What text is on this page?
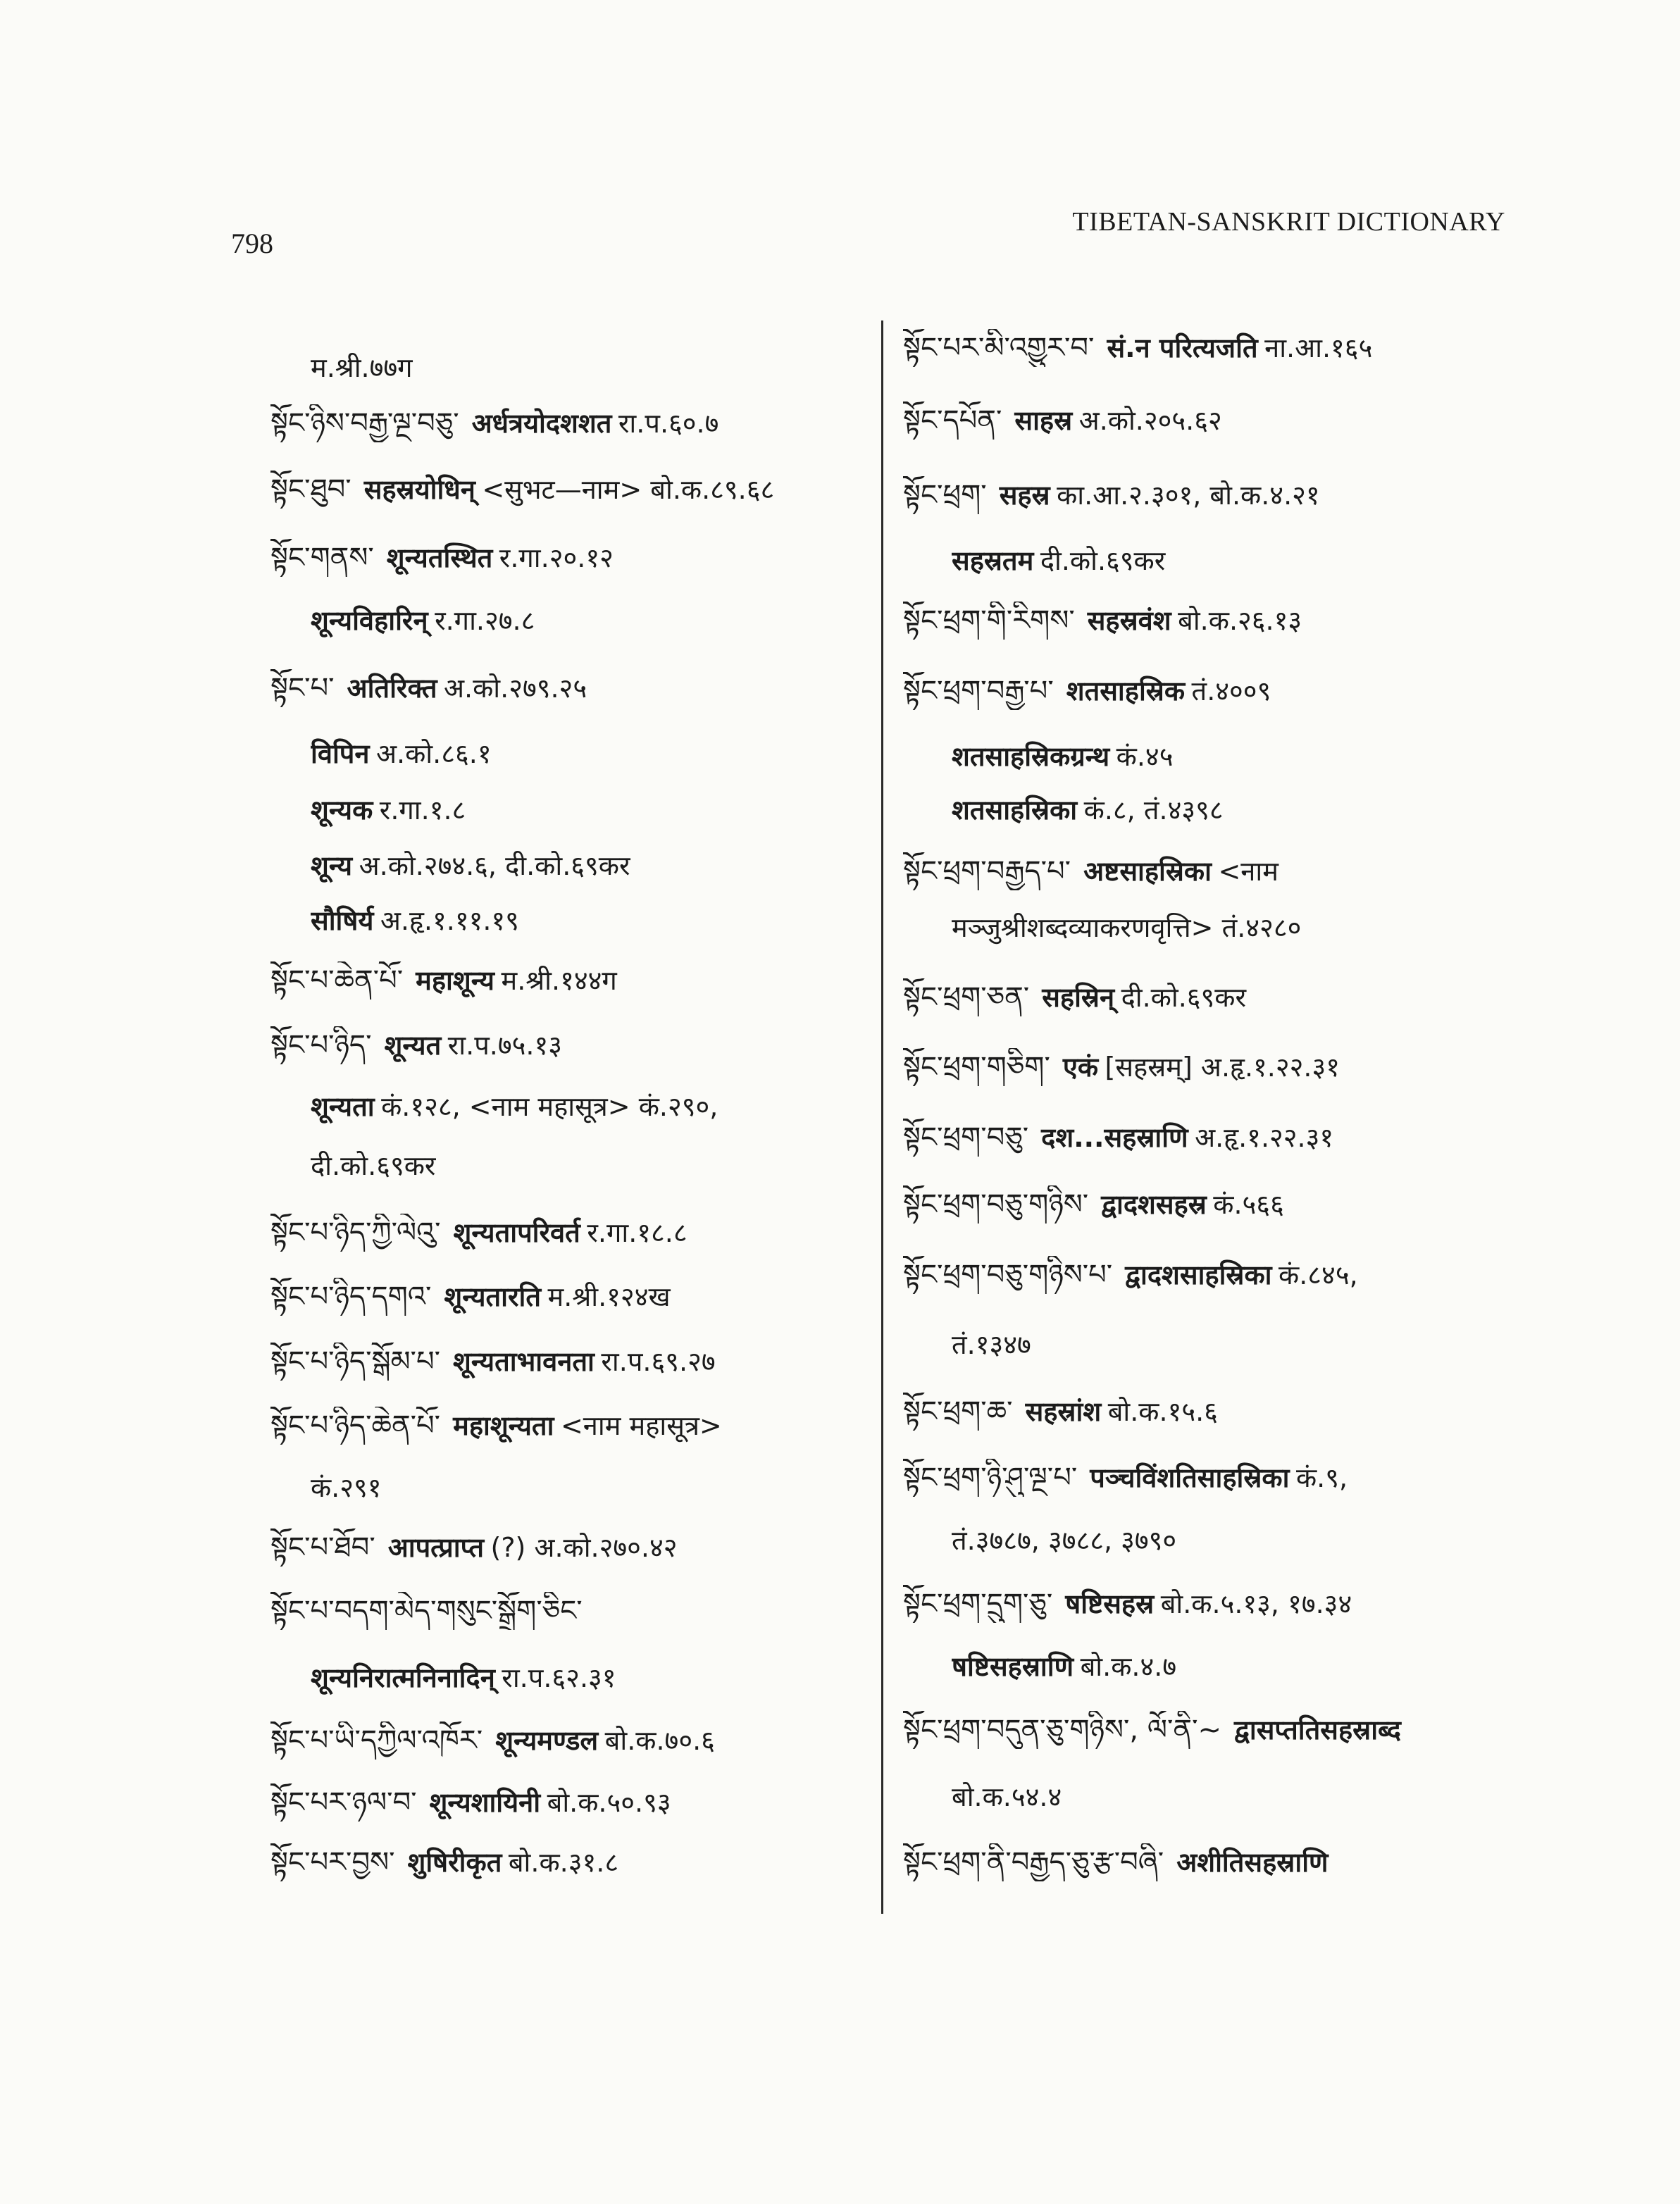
798
TIBETAN-SANSKRIT DICTIONARY
म.श्री.७७ग
སྟོང་ཉིས་བརྒྱ་ལྔ་བཅུ་ अर्धत्रयोदशशत रा.प.६०.७
སྟོང་ཐུབ་ सहस्रयोधिन् <सुभट—नाम> बो.क.८९.६८
སྟོང་གནས་ शून्यतस्थित र.गा.२०.१२
शून्यविहारिन् र.गा.२७.८
སྟོང་པ་ अतिरिक्त अ.को.२७९.२५
विपिन अ.को.८६.१
शून्यक र.गा.१.८
शून्य अ.को.२७४.६, दी.को.६९कर
सौषिर्य अ.हृ.१.११.१९
སྟོང་པ་ཆེན་པོ་ महाशून्य म.श्री.१४४ग
སྟོང་པ་ཉིད་ शून्यत रा.प.७५.१३
शून्यता कं.१२८, <नाम महासूत्र> कं.२९०,
दी.को.६९कर
སྟོང་པ་ཉིད་ཀྱི་ལེའུ་ शून्यतापरिवर्त र.गा.१८.८
སྟོང་པ་ཉིད་དགའ་ शून्यतारति म.श्री.१२४ख
སྟོང་པ་ཉིད་སྒོམ་པ་ शून्यताभावनता रा.प.६९.२७
སྟོང་པ་ཉིད་ཆེན་པོ་ महाशून्यता <नाम महासूत्र>
कं.२९१
སྟོང་པ་ཐོབ་ आपत्प्राप्त (?) अ.को.२७०.४२
སྟོང་པ་བདག་མེད་གསུང་སྒྲོག་ཅིང་
शून्यनिरात्मनिनादिन् रा.प.६२.३१
སྟོང་པ་ཡི་དཀྱིལ་འཁོར་ शून्यमण्डल बो.क.७०.६
སྟོང་པར་ཉལ་བ་ शून्यशायिनी बो.क.५०.९३
སྟོང་པར་བྱས་ शुषिरीकृत बो.क.३१.८
སྟོང་པར་མི་འགྱུར་བ་ सं.न परित्यजति ना.आ.१६५
སྟོང་དཔོན་ साहस्र अ.को.२०५.६२
སྟོང་ཕྲག་ सहस्र का.आ.२.३०१, बो.क.४.२१
सहस्रतम दी.को.६९कर
སྟོང་ཕྲག་གི་རིགས་ सहस्रवंश बो.क.२६.१३
སྟོང་ཕྲག་བརྒྱ་པ་ शतसाहस्रिक तं.४००९
शतसाहस्रिकग्रन्थ कं.४५
शतसाहस्रिका कं.८, तं.४३९८
སྟོང་ཕྲག་བརྒྱད་པ་ अष्टसाहस्रिका <नाम
मञ्जुश्रीशब्दव्याकरणवृत्ति> तं.४२८०
སྟོང་ཕྲག་ཅན་ सहस्रिन् दी.को.६९कर
སྟོང་ཕྲག་གཅིག་ एकं [सहस्रम्] अ.हृ.१.२२.३१
སྟོང་ཕྲག་བཅུ་ दश...सहस्राणि अ.हृ.१.२२.३१
སྟོང་ཕྲག་བཅུ་གཉིས་ द्वादशसहस्र कं.५६६
སྟོང་ཕྲག་བཅུ་གཉིས་པ་ द्वादशसाहस्रिका कं.८४५,
तं.१३४७
སྟོང་ཕྲག་ཆ་ सहस्रांश बो.क.१५.६
སྟོང་ཕྲག་ཉི་ཤུ་ལྔ་པ་ पञ्चविंशतिसाहस्रिका कं.९,
तं.३७८७, ३७८८, ३७९०
སྟོང་ཕྲག་དྲུག་ཅུ་ षष्टिसहस्र बो.क.५.१३, १७.३४
षष्टिसहस्राणि बो.क.४.७
སྟོང་ཕྲག་བདུན་ཅུ་གཉིས་, ལོ་ནི་~ द्वासप्ततिसहस्राब्द
बो.क.५४.४
སྟོང་ཕྲག་ནི་བརྒྱད་ཅུ་རྩ་བཞི་ अशीतिसहस्राणि
